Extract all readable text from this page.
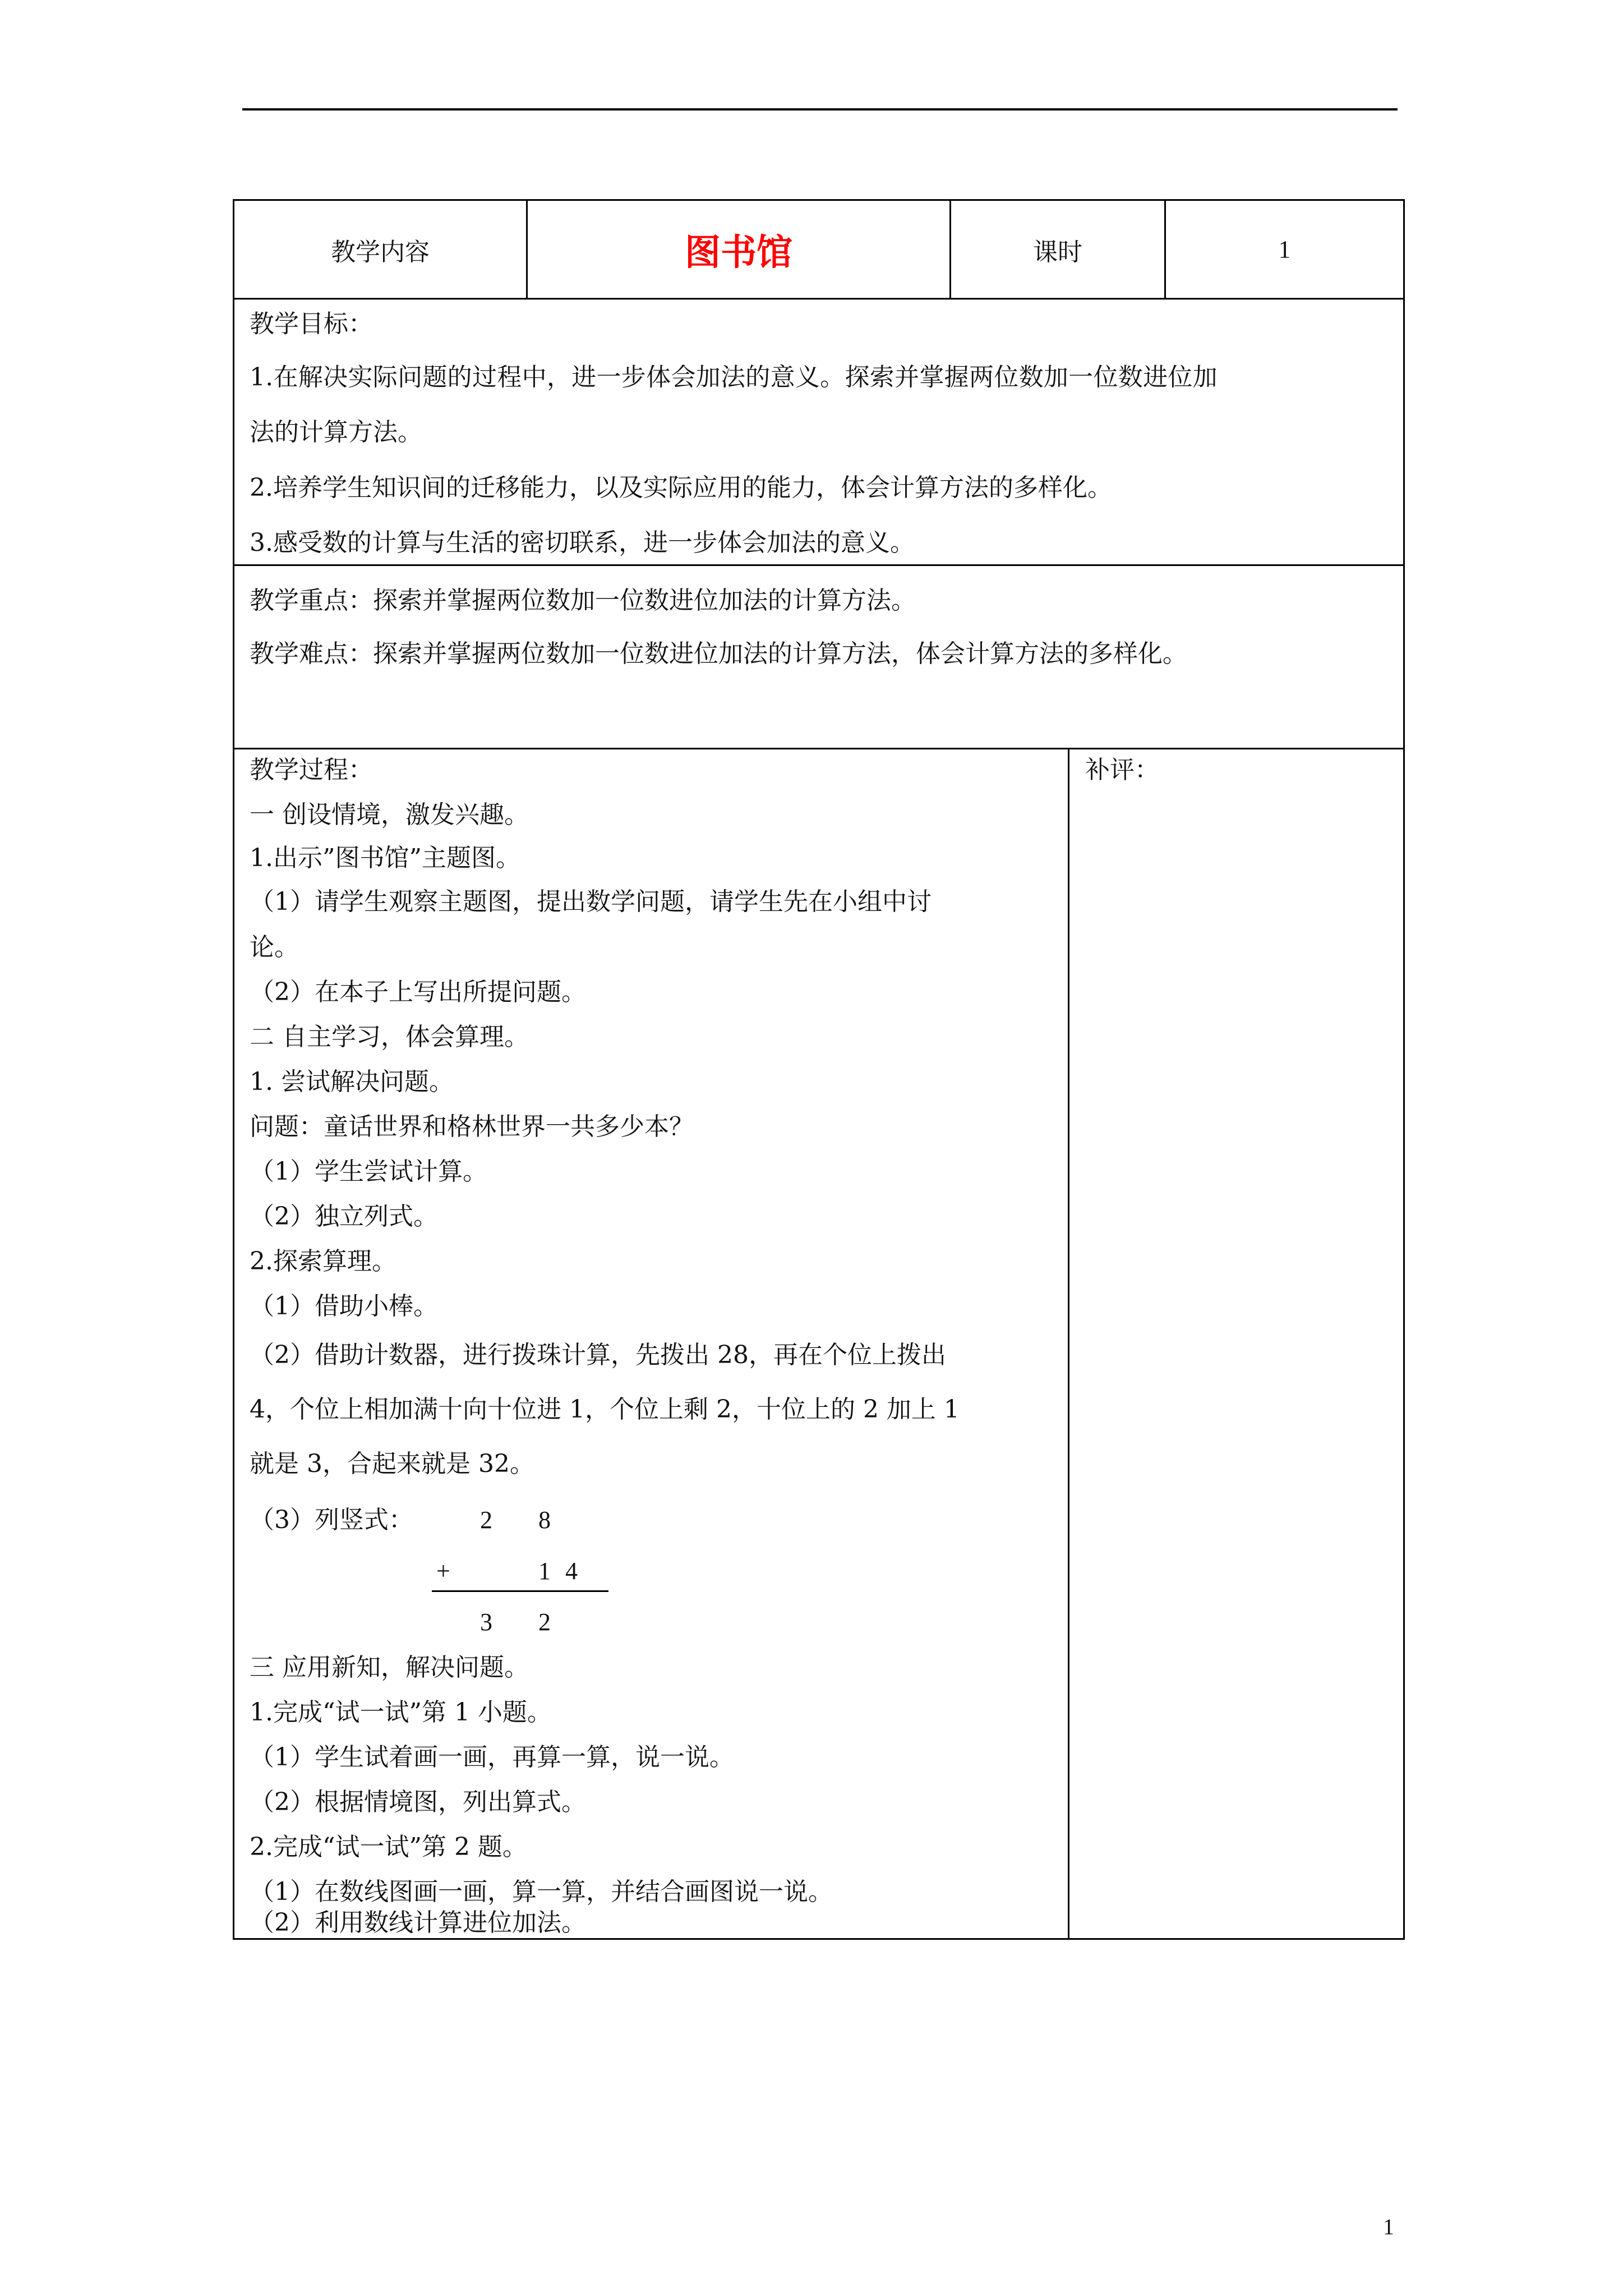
教学内容	图书馆	课时	1
教学目标：
1.在解决实际问题的过程中，进一步体会加法的意义。探索并掌握两位数加一位数进位加
法的计算方法。
2.培养学生知识间的迁移能力，以及实际应用的能力，体会计算方法的多样化。
3.感受数的计算与生活的密切联系，进一步体会加法的意义。
教学重点：探索并掌握两位数加一位数进位加法的计算方法。
教学难点：探索并掌握两位数加一位数进位加法的计算方法，体会计算方法的多样化。
教学过程：	补评：
一 创设情境，激发兴趣。
1.出示”图书馆”主题图。
（1）请学生观察主题图，提出数学问题，请学生先在小组中讨
论。
（2）在本子上写出所提问题。
二 自主学习，体会算理。
1. 尝试解决问题。
问题：童话世界和格林世界一共多少本？
（1）学生尝试计算。
（2）独立列式。
2.探索算理。
（1）借助小棒。
（2）借助计数器，进行拨珠计算，先拨出 28，再在个位上拨出
4，个位上相加满十向十位进 1，个位上剩 2，十位上的 2 加上 1
就是 3，合起来就是 32。
（3）列竖式：	2 8
+	1 4
3 2
三 应用新知，解决问题。
1.完成“试一试”第 1 小题。
（1）学生试着画一画，再算一算，说一说。
（2）根据情境图，列出算式。
2.完成“试一试”第 2 题。
（1）在数线图画一画，算一算，并结合画图说一说。
（2）利用数线计算进位加法。
1
